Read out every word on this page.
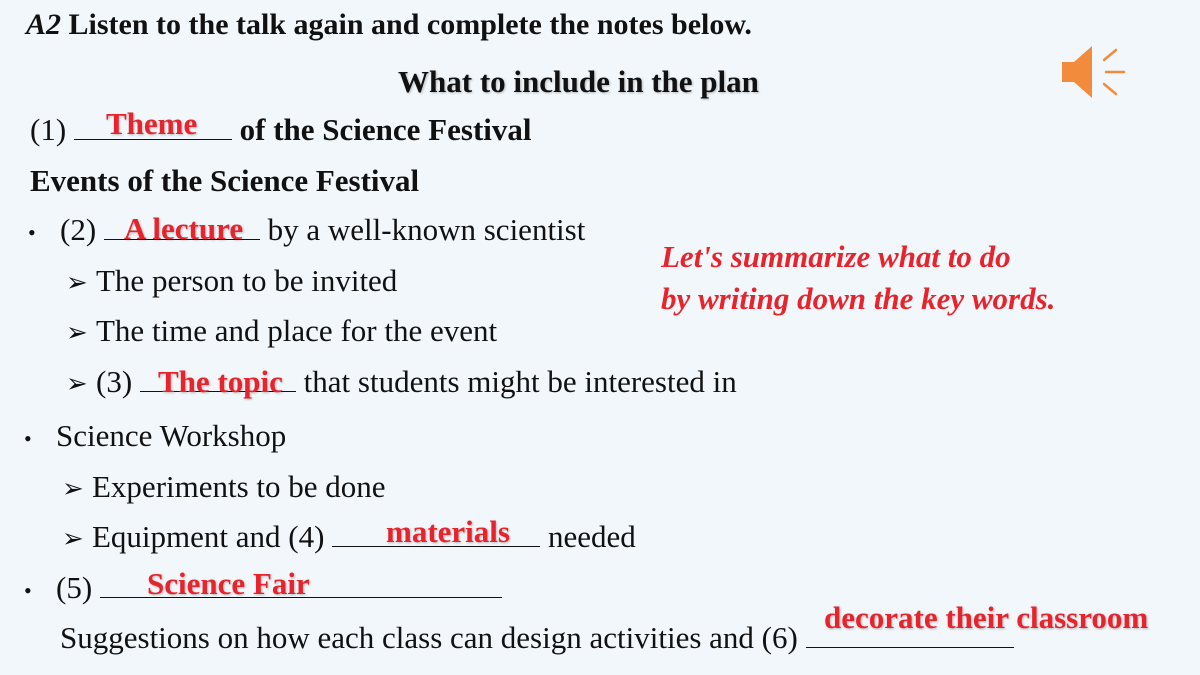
A2 Listen to the talk again and complete the notes below.
What to include in the plan
(1)	of the Science Festival
Theme
Events of the Science Festival
• (2)	by a well-known scientist
A lecture
Let's summarize what to do
by writing down the key words.
➢ The person to be invited
➢ The time and place for the event
➢ (3)	that students might be interested in
The topic
• Science Workshop
➢ Experiments to be done
➢ Equipment and (4)	needed
materials
• (5)	Science Fair
Suggestions on how each class can design activities and (6)
decorate their classroom
